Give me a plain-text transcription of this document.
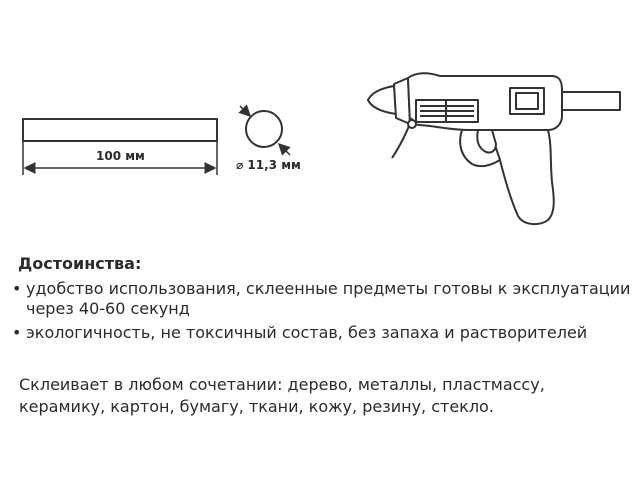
100 мм
⌀ 11,3 мм
Достоинства:
• удобство использования, склеенные предметы готовы к эксплуатации через 40-60 секунд
• экологичность, не токсичный состав, без запаха и растворителей

Склеивает в любом сочетании: дерево, металлы, пластмассу, керамику, картон, бумагу, ткани, кожу, резину, стекло.
